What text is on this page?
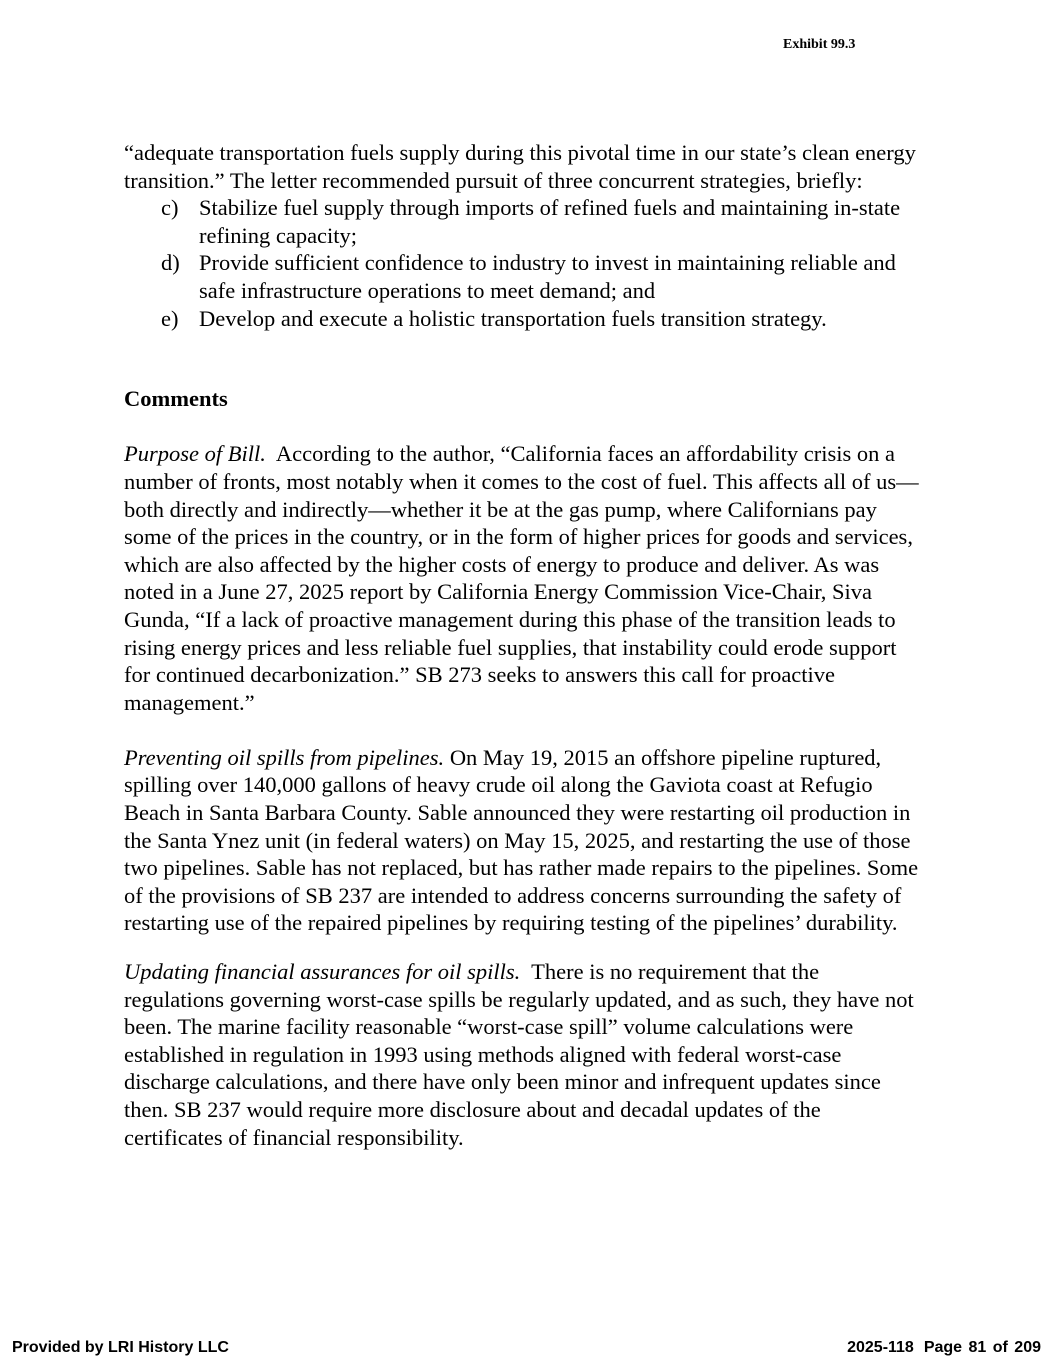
Exhibit 99.3

“adequate transportation fuels supply during this pivotal time in our state’s clean energy transition.” The letter recommended pursuit of three concurrent strategies, briefly:

c) Stabilize fuel supply through imports of refined fuels and maintaining in-state refining capacity;
d) Provide sufficient confidence to industry to invest in maintaining reliable and safe infrastructure operations to meet demand; and
e) Develop and execute a holistic transportation fuels transition strategy.

Comments

Purpose of Bill. According to the author, “California faces an affordability crisis on a number of fronts, most notably when it comes to the cost of fuel. This affects all of us—both directly and indirectly—whether it be at the gas pump, where Californians pay some of the prices in the country, or in the form of higher prices for goods and services, which are also affected by the higher costs of energy to produce and deliver. As was noted in a June 27, 2025 report by California Energy Commission Vice-Chair, Siva Gunda, “If a lack of proactive management during this phase of the transition leads to rising energy prices and less reliable fuel supplies, that instability could erode support for continued decarbonization.” SB 273 seeks to answers this call for proactive management.”

Preventing oil spills from pipelines. On May 19, 2015 an offshore pipeline ruptured, spilling over 140,000 gallons of heavy crude oil along the Gaviota coast at Refugio Beach in Santa Barbara County. Sable announced they were restarting oil production in the Santa Ynez unit (in federal waters) on May 15, 2025, and restarting the use of those two pipelines. Sable has not replaced, but has rather made repairs to the pipelines. Some of the provisions of SB 237 are intended to address concerns surrounding the safety of restarting use of the repaired pipelines by requiring testing of the pipelines’ durability.

Updating financial assurances for oil spills. There is no requirement that the regulations governing worst-case spills be regularly updated, and as such, they have not been. The marine facility reasonable “worst-case spill” volume calculations were established in regulation in 1993 using methods aligned with federal worst-case discharge calculations, and there have only been minor and infrequent updates since then. SB 237 would require more disclosure about and decadal updates of the certificates of financial responsibility.

Provided by LRI History LLC	2025-118 Page 81 of 209
